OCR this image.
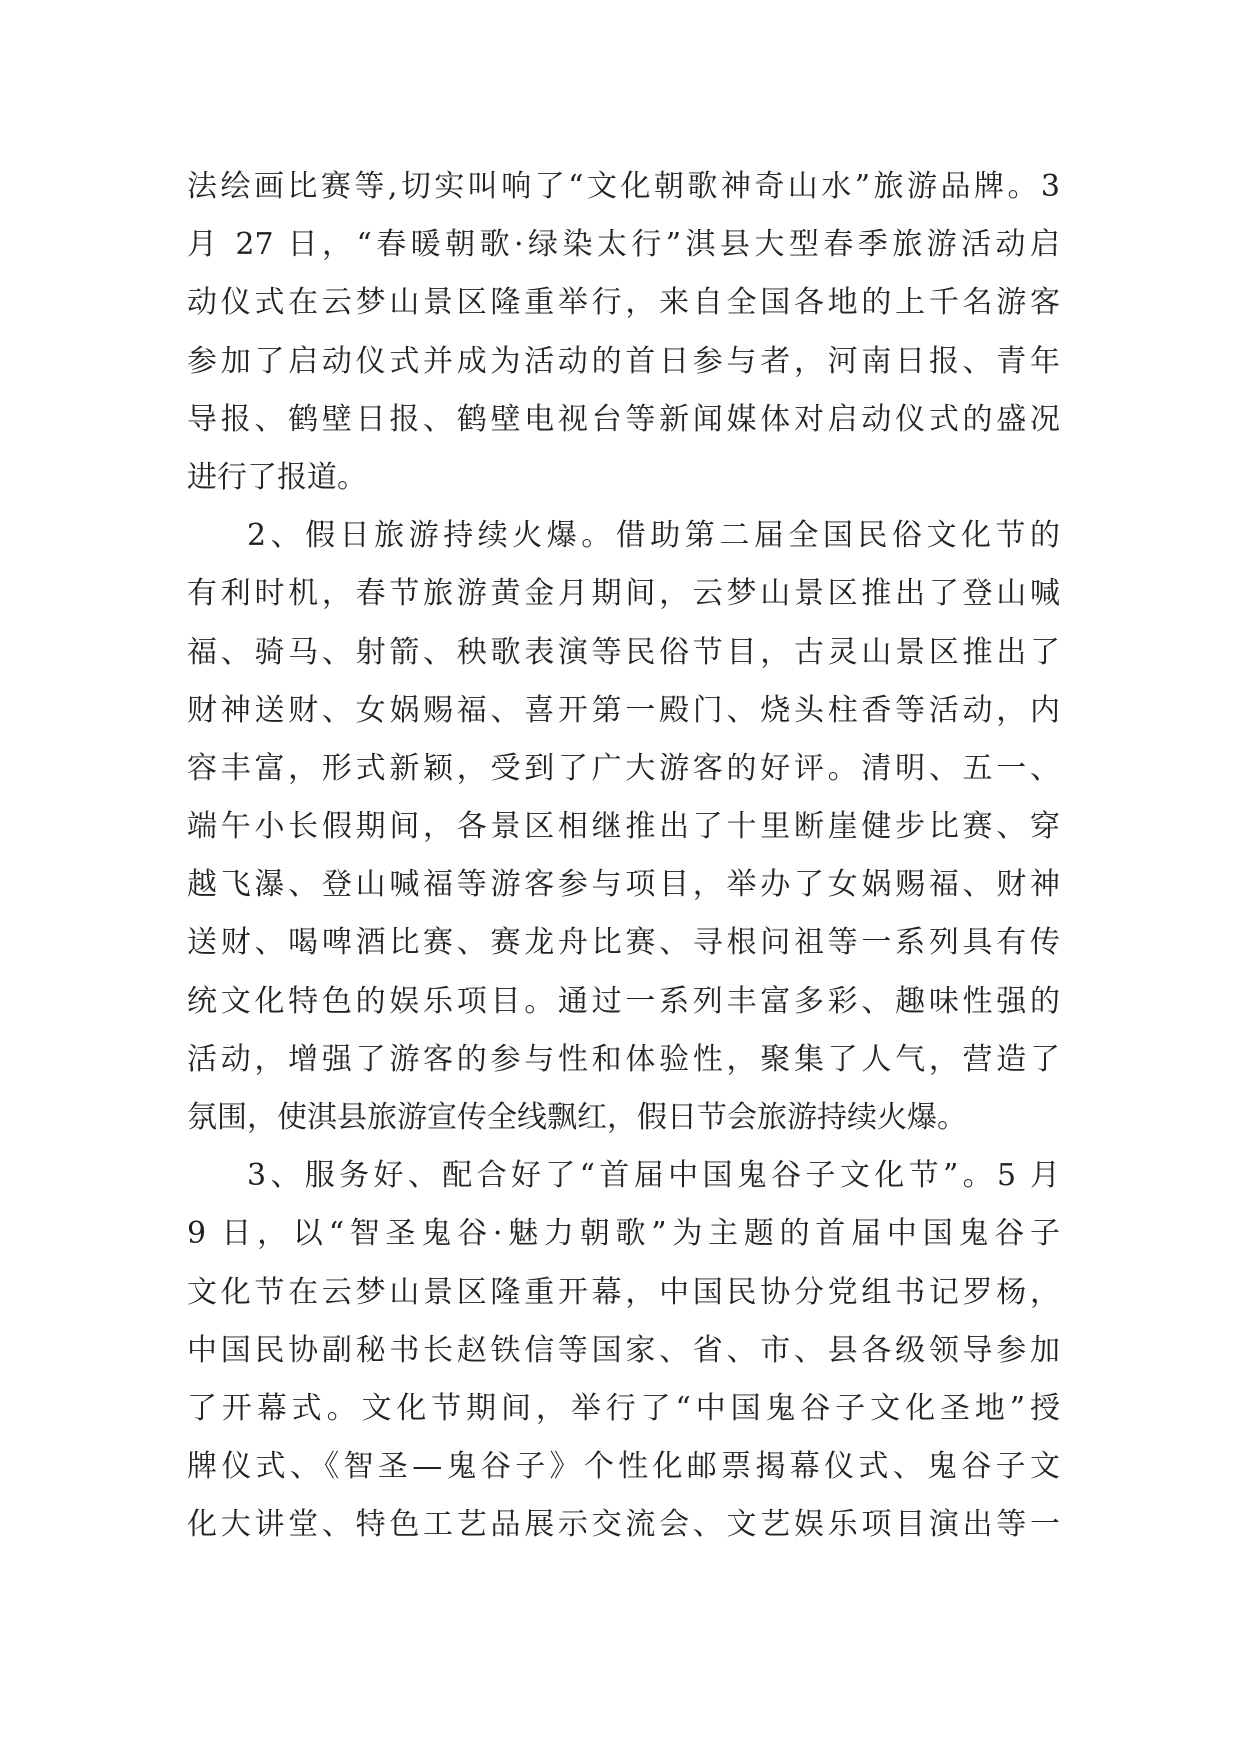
法绘画比赛等,切实叫响了“文化朝歌神奇山水”旅游品牌。3
月 27 日，“春暖朝歌·绿染太行”淇县大型春季旅游活动启
动仪式在云梦山景区隆重举行，来自全国各地的上千名游客
参加了启动仪式并成为活动的首日参与者，河南日报、青年
导报、鹤壁日报、鹤壁电视台等新闻媒体对启动仪式的盛况
进行了报道。
2、假日旅游持续火爆。借助第二届全国民俗文化节的
有利时机，春节旅游黄金月期间，云梦山景区推出了登山喊
福、骑马、射箭、秧歌表演等民俗节目，古灵山景区推出了
财神送财、女娲赐福、喜开第一殿门、烧头柱香等活动，内
容丰富，形式新颖，受到了广大游客的好评。清明、五一、
端午小长假期间，各景区相继推出了十里断崖健步比赛、穿
越飞瀑、登山喊福等游客参与项目，举办了女娲赐福、财神
送财、喝啤酒比赛、赛龙舟比赛、寻根问祖等一系列具有传
统文化特色的娱乐项目。通过一系列丰富多彩、趣味性强的
活动，增强了游客的参与性和体验性，聚集了人气，营造了
氛围，使淇县旅游宣传全线飘红，假日节会旅游持续火爆。
3、服务好、配合好了“首届中国鬼谷子文化节”。5 月
9 日，以“智圣鬼谷·魅力朝歌”为主题的首届中国鬼谷子
文化节在云梦山景区隆重开幕，中国民协分党组书记罗杨，
中国民协副秘书长赵铁信等国家、省、市、县各级领导参加
了开幕式。文化节期间，举行了“中国鬼谷子文化圣地”授
牌仪式、《智圣—鬼谷子》个性化邮票揭幕仪式、鬼谷子文
化大讲堂、特色工艺品展示交流会、文艺娱乐项目演出等一
